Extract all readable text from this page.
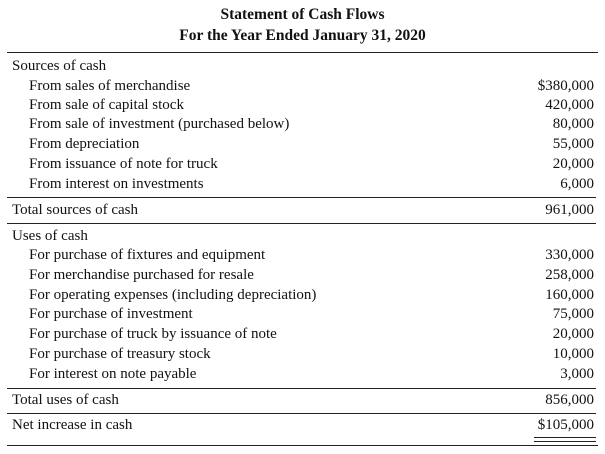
Statement of Cash Flows
For the Year Ended January 31, 2020
Sources of cash
From sales of merchandise	$380,000
From sale of capital stock	420,000
From sale of investment (purchased below)	80,000
From depreciation	55,000
From issuance of note for truck	20,000
From interest on investments	6,000
Total sources of cash	961,000
Uses of cash
For purchase of fixtures and equipment	330,000
For merchandise purchased for resale	258,000
For operating expenses (including depreciation)	160,000
For purchase of investment	75,000
For purchase of truck by issuance of note	20,000
For purchase of treasury stock	10,000
For interest on note payable	3,000
Total uses of cash	856,000
Net increase in cash	$105,000
